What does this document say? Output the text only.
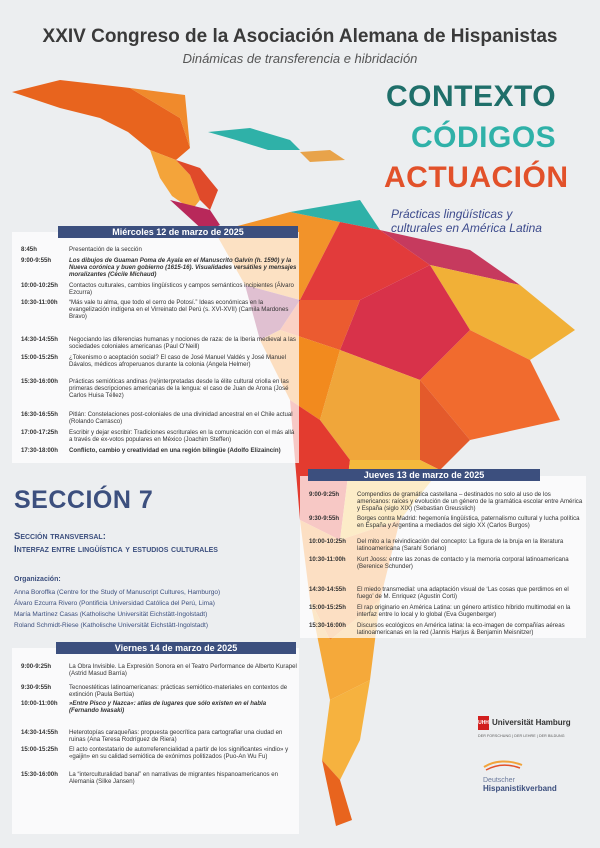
XXIV Congreso de la Asociación Alemana de Hispanistas
Dinámicas de transferencia e hibridación
CONTEXTO
CÓDIGOS
ACTUACIÓN
Prácticas lingüísticas y culturales en América Latina
Miércoles 12 de marzo de 2025
8:45h	Presentación de la sección
9:00-9:55h	Los dibujos de Guaman Poma de Ayala en el Manuscrito Galvín (h. 1590) y la Nueva corónica y buen gobierno (1615-16). Visualidades versátiles y mensajes moralizantes (Cécile Michaud)
10:00-10:25h	Contactos culturales, cambios lingüísticos y campos semánticos incipientes (Álvaro Ezcurra)
10:30-11:00h	“Más vale tu alma, que todo el cerro de Potosí.” Ideas económicas en la evangelización indígena en el Virreinato del Perú (s. XVI-XVII) (Camila Mardones Bravo)
14:30-14:55h	Negociando las diferencias humanas y nociones de raza: de la Iberia medieval a las sociedades coloniales americanas (Paul O’Neill)
15:00-15:25h	¿Tokenismo o aceptación social? El caso de José Manuel Valdés y José Manuel Dávalos, médicos afroperuanos durante la colonia (Angela Helmer)
15:30-16:00h	Prácticas semióticas andinas (re)interpretadas desde la élite cultural criolla en las primeras descripciones americanas de la lengua: el caso de Juan de Arona (José Carlos Huisa Téllez)
16:30-16:55h	Pitlán: Constelaciones post-coloniales de una divinidad ancestral en el Chile actual (Rolando Carrasco)
17:00-17:25h	Escribir y dejar escribir: Tradiciones escriturales en la comunicación con el más allá a través de ex-votos populares en México (Joachim Steffen)
17:30-18:00h	Conflicto, cambio y creatividad en una región bilingüe (Adolfo Elizaincín)
Jueves 13 de marzo de 2025
9:00-9:25h	Compendios de gramática castellana – destinados no solo al uso de los americanos: raíces y evolución de un género de la gramática escolar entre América y España (siglo XIX) (Sebastian Greusslich)
9:30-9:55h	Borges contra Madrid: hegemonía lingüística, paternalismo cultural y lucha política en España y Argentina a mediados del siglo XX (Carlos Burgos)
10:00-10:25h	Del mito a la reivindicación del concepto: La figura de la bruja en la literatura latinoamericana (Sarahí Soriano)
10:30-11:00h	Kurt Jooss: entre las zonas de contacto y la memoria corporal latinoamericana (Berenice Schunder)
14:30-14:55h	El miedo transmedial: una adaptación visual de ‘Las cosas que perdimos en el fuego’ de M. Enriquez (Agustín Corti)
15:00-15:25h	El rap originario en América Latina: un género artístico híbrido multimodal en la interfaz entre lo local y lo global (Eva Gugenberger)
15:30-16:00h	Discursos ecológicos en América latina: la eco-imagen de compañías aéreas latinoamericanas en la red (Jannis Harjus & Benjamin Meisnitzer)
SECCIÓN 7
Sección transversal:
Interfaz entre lingüística y estudios culturales
Organización:
Anna Boroffka (Centre for the Study of Manuscript Cultures, Hamburgo)
Álvaro Ezcurra Rivero (Pontificia Universidad Católica del Perú, Lima)
María Martínez Casas (Katholische Universität Eichstätt-Ingolstadt)
Roland Schmidt-Riese (Katholische Universität Eichstätt-Ingolstadt)
Viernes 14 de marzo de 2025
9:00-9:25h	La Obra Invisible. La Expresión Sonora en el Teatro Performance de Alberto Kurapel (Astrid Masud Barría)
9:30-9:55h	Tecnoestéticas latinoamericanas: prácticas semiótico-materiales en contextos de extinción (Paula Bertúa)
10:00-11:00h	»Entre Pisco y Nazca«: atlas de lugares que sólo existen en el habla (Fernando Iwasaki)
14:30-14:55h	Heterotopías caraqueñas: propuesta geocrítica para cartografiar una ciudad en ruinas (Ana Teresa Rodríguez de Riera)
15:00-15:25h	El acto contestatario de autorreferencialidad a partir de los significantes «indio» y «gaijin» en su calidad semiótica de exónimos politizados (Puo-An Wu Fu)
15:30-16:00h	La “interculturalidad banal” en narrativas de migrantes hispanoamericanos en Alemania (Silke Jansen)
UHH Universität Hamburg
DER FORSCHUNG | DER LEHRE | DER BILDUNG
Deutscher
Hispanistikverband
